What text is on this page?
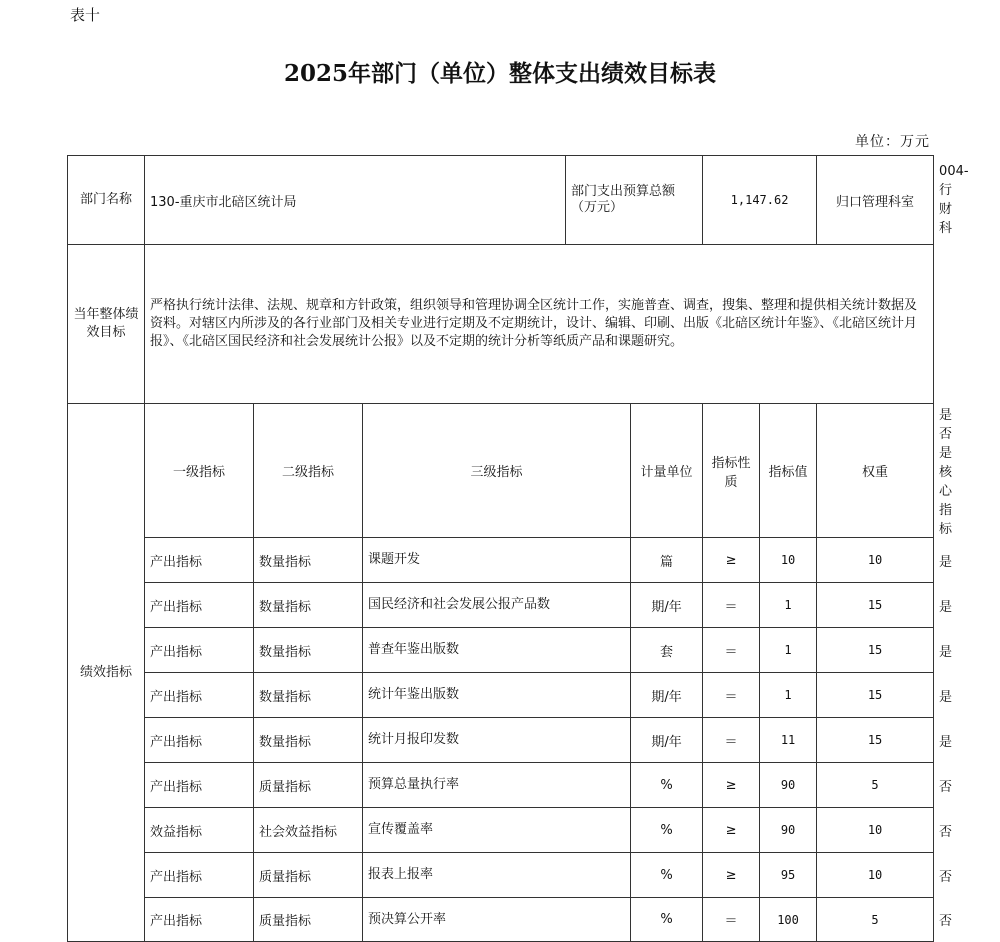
表十
2025年部门（单位）整体支出绩效目标表
单位：万元
部门名称	130-重庆市北碚区统计局			部门支出预算总额（万元）		1,147.62		归口管理科室	004-行财科
当年整体绩效目标	严格执行统计法律、法规、规章和方针政策，组织领导和管理协调全区统计工作，实施普查、调查，搜集、整理和提供相关统计数据及资料。对辖区内所涉及的各行业部门及相关专业进行定期及不定期统计，设计、编辑、印刷、出版《北碚区统计年鉴》、《北碚区统计月报》、《北碚区国民经济和社会发展统计公报》以及不定期的统计分析等纸质产品和课题研究。								
绩效指标	一级指标	二级指标	三级指标		计量单位	指标性质	指标值	权重	是否是核心指标
	产出指标	数量指标	课题开发		篇	≥	10	10	是
	产出指标	数量指标	国民经济和社会发展公报产品数		期/年	＝	1	15	是
	产出指标	数量指标	普查年鉴出版数		套	＝	1	15	是
	产出指标	数量指标	统计年鉴出版数		期/年	＝	1	15	是
	产出指标	数量指标	统计月报印发数		期/年	＝	11	15	是
	产出指标	质量指标	预算总量执行率		%	≥	90	5	否
	效益指标	社会效益指标	宣传覆盖率		%	≥	90	10	否
	产出指标	质量指标	报表上报率		%	≥	95	10	否
	产出指标	质量指标	预决算公开率		%	＝	100	5	否
